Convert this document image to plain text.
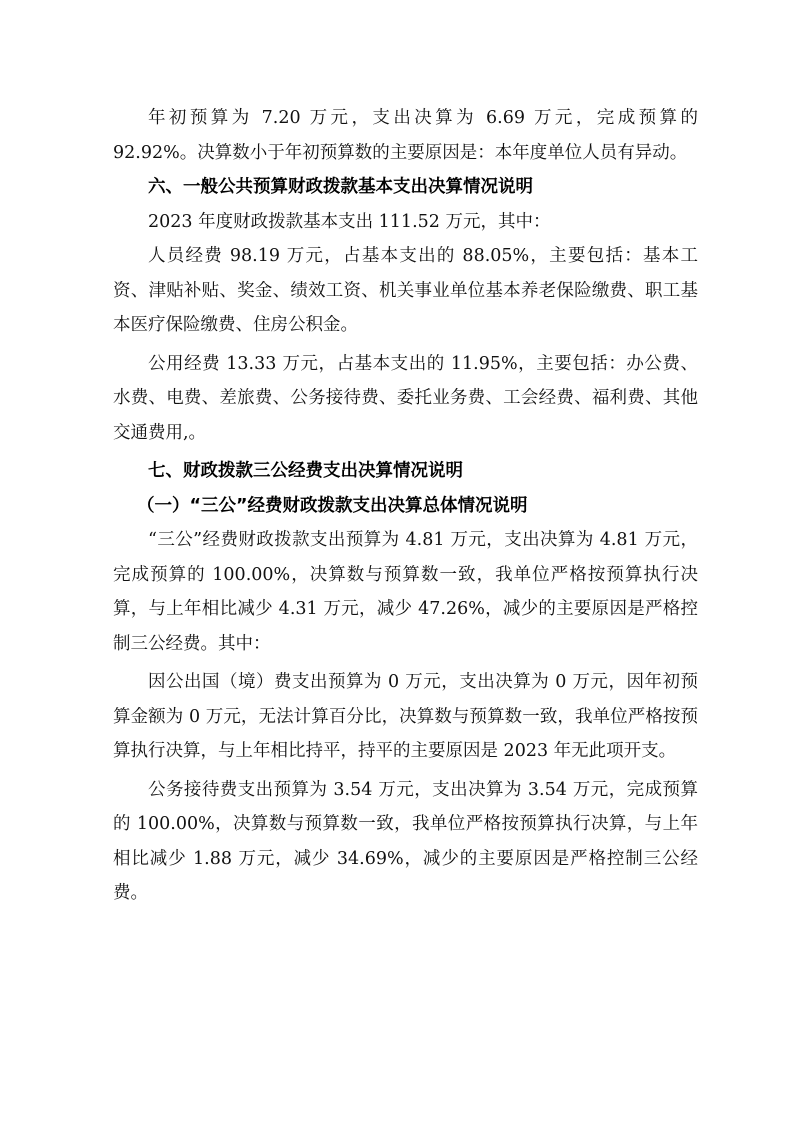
年初预算为 7.20 万元，支出决算为 6.69 万元，完成预算的92.92%。决算数小于年初预算数的主要原因是：本年度单位人员有异动。

六、一般公共预算财政拨款基本支出决算情况说明

2023 年度财政拨款基本支出 111.52 万元，其中：

人员经费 98.19 万元，占基本支出的 88.05%，主要包括：基本工资、津贴补贴、奖金、绩效工资、机关事业单位基本养老保险缴费、职工基本医疗保险缴费、住房公积金。

公用经费 13.33 万元，占基本支出的 11.95%，主要包括：办公费、水费、电费、差旅费、公务接待费、委托业务费、工会经费、福利费、其他交通费用,。

七、财政拨款三公经费支出决算情况说明
（一）“三公”经费财政拨款支出决算总体情况说明

“三公”经费财政拨款支出预算为 4.81 万元，支出决算为 4.81 万元，完成预算的 100.00%，决算数与预算数一致，我单位严格按预算执行决算，与上年相比减少 4.31 万元，减少 47.26%，减少的主要原因是严格控制三公经费。其中：

因公出国（境）费支出预算为 0 万元，支出决算为 0 万元，因年初预算金额为 0 万元，无法计算百分比，决算数与预算数一致，我单位严格按预算执行决算，与上年相比持平，持平的主要原因是 2023 年无此项开支。

公务接待费支出预算为 3.54 万元，支出决算为 3.54 万元，完成预算的 100.00%，决算数与预算数一致，我单位严格按预算执行决算，与上年相比减少 1.88 万元，减少 34.69%，减少的主要原因是严格控制三公经费。
